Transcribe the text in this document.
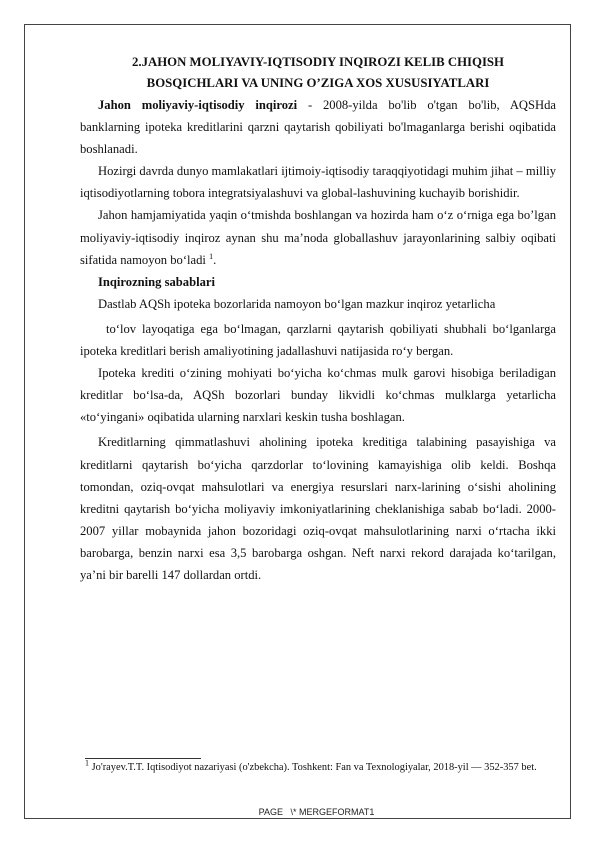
2.JAHON MOLIYAVIY-IQTISODIY INQIROZI KELIB CHIQISH
BOSQICHLARI VA UNING O’ZIGA XOS XUSUSIYATLARI

Jahon moliyaviy-iqtisodiy inqirozi - 2008-yilda bo'lib o'tgan bo'lib, AQSHda banklarning ipoteka kreditlarini qarzni qaytarish qobiliyati bo'lmaganlarga berishi oqibatida boshlanadi.

Hozirgi davrda dunyo mamlakatlari ijtimoiy-iqtisodiy taraqqiyotidagi muhim jihat – milliy iqtisodiyotlarning tobora integratsiyalashuvi va global-lashuvining kuchayib borishidir.

Jahon hamjamiyatida yaqin o‘tmishda boshlangan va hozirda ham o‘z o‘rniga ega bo’lgan moliyaviy-iqtisodiy inqiroz aynan shu ma’noda globallashuv jarayonlarining salbiy oqibati sifatida namoyon bo‘ladi $^1$.

Inqirozning sabablari
Dastlab AQSh ipoteka bozorlarida namoyon bo‘lgan mazkur inqiroz yetarlicha

to‘lov layoqatiga ega bo‘lmagan, qarzlarni qaytarish qobiliyati shubhali bo‘lganlarga ipoteka kreditlari berish amaliyotining jadallashuvi natijasida ro‘y bergan.

Ipoteka krediti o‘zining mohiyati bo‘yicha ko‘chmas mulk garovi hisobiga beriladigan kreditlar bo‘lsa-da, AQSh bozorlari bunday likvidli ko‘chmas mulklarga yetarlicha «to‘yingani» oqibatida ularning narxlari keskin tusha boshlagan.

Kreditlarning qimmatlashuvi aholining ipoteka kreditiga talabining pasayishiga va kreditlarni qaytarish bo‘yicha qarzdorlar to‘lovining kamayishiga olib keldi. Boshqa tomondan, oziq-ovqat mahsulotlari va energiya resurslari narx-larining o‘sishi aholining kreditni qaytarish bo‘yicha moliyaviy imkoniyatlarining cheklanishiga sabab bo‘ladi. 2000-2007 yillar mobaynida jahon bozoridagi oziq-ovqat mahsulotlarining narxi o‘rtacha ikki barobarga, benzin narxi esa 3,5 barobarga oshgan. Neft narxi rekord darajada ko‘tarilgan, ya’ni bir barelli 147 dollardan ortdi.

$^1$ Jo'rayev.T.T. Iqtisodiyot nazariyasi (o'zbekcha). Toshkent: Fan va Texnologiyalar, 2018-yil — 352-357 bet.
PAGE \* MERGEFORMAT1
